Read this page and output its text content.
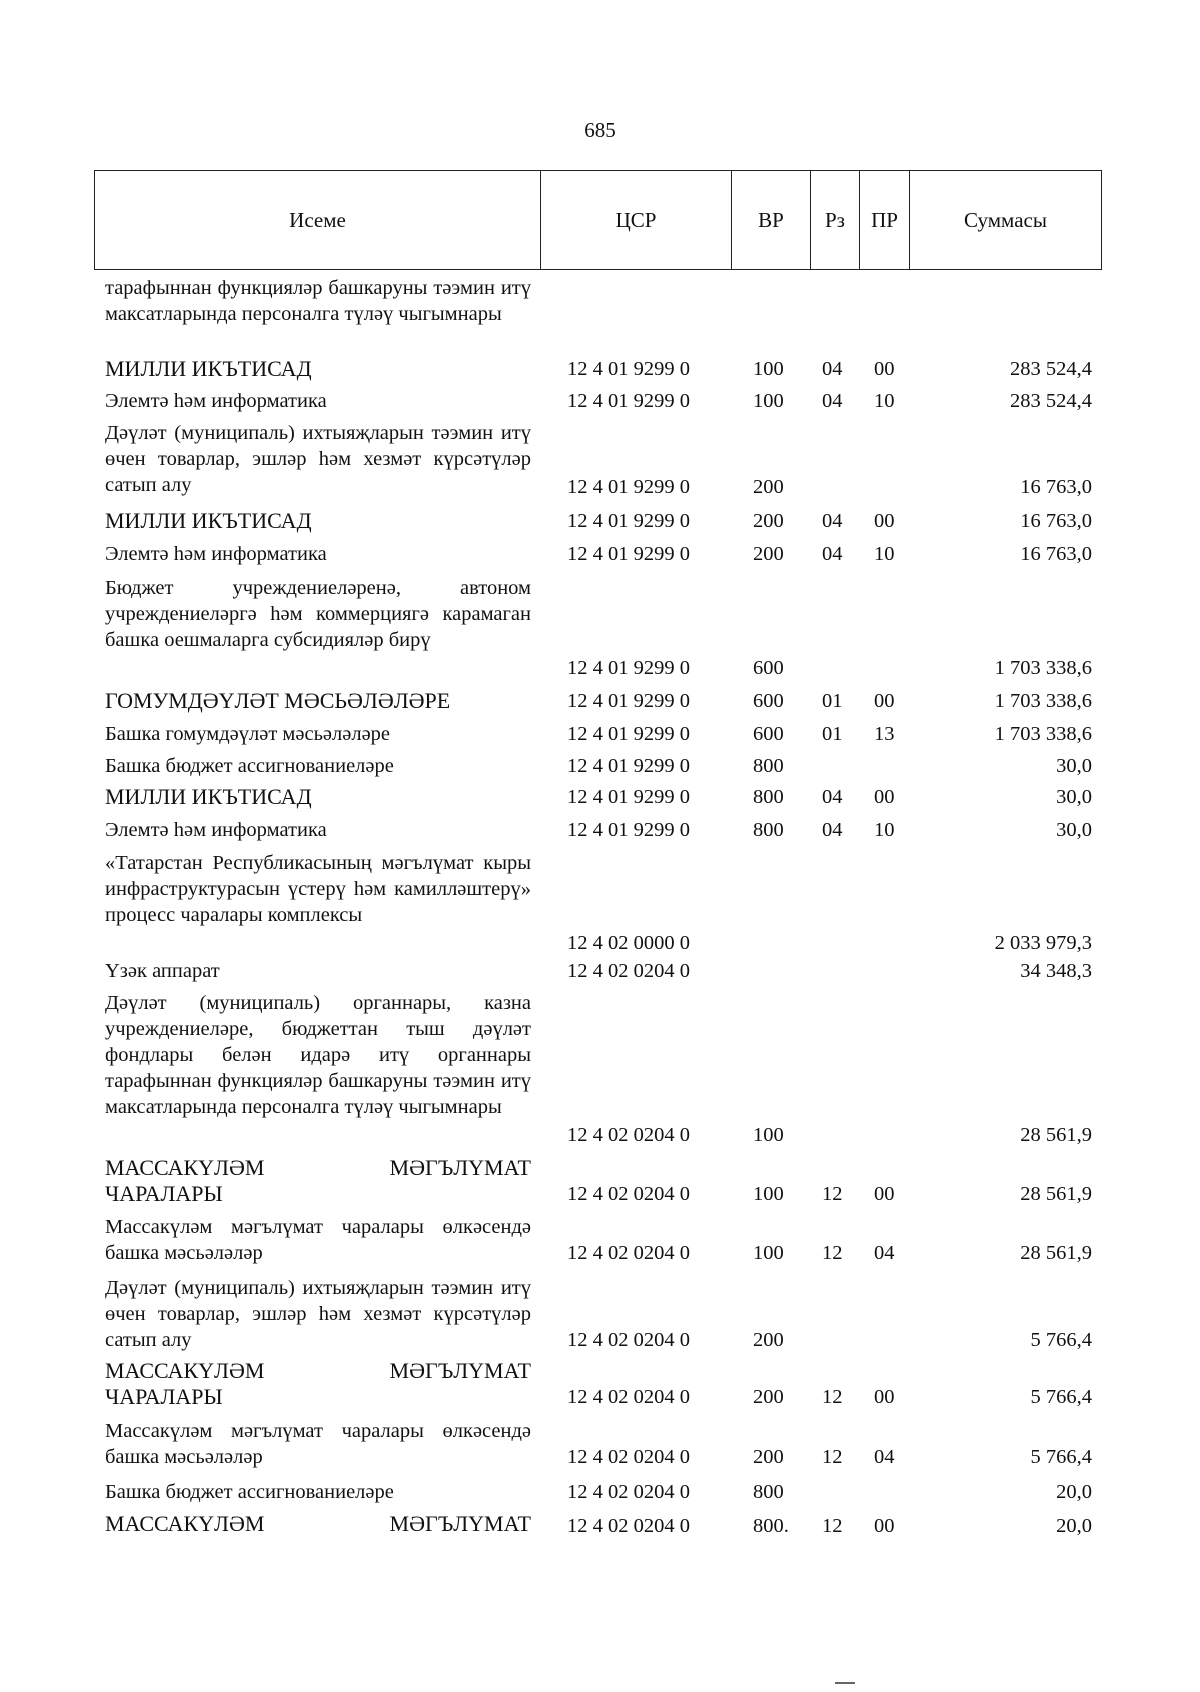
685
Исеме	ЦСР	ВР	Рз	ПР	Суммасы
тарафыннан функцияләр башкаруны тәэмин итү максатларында персоналга түләү чыгымнары
МИЛЛИ ИКЪТИСАД	12 4 01 9299 0	100 04 00	283 524,4
Элемтә һәм информатика	12 4 01 9299 0	100 04 10	283 524,4
Дәүләт (муниципаль) ихтыяҗларын тәэмин итү өчен товарлар, эшләр һәм хезмәт күрсәтүләр сатып алу	12 4 01 9299 0	200	16 763,0
МИЛЛИ ИКЪТИСАД	12 4 01 9299 0	200 04 00	16 763,0
Элемтә һәм информатика	12 4 01 9299 0	200 04 10	16 763,0
Бюджет учреждениеләренә, автоном учреждениеләргә һәм коммерциягә карамаган башка оешмаларга субсидияләр бирү
12 4 01 9299 0	600	1 703 338,6
ГОМУМДӘҮЛӘТ МӘСЬӘЛӘЛӘРЕ	12 4 01 9299 0	600 01 00	1 703 338,6
Башка гомумдәүләт мәсьәләләре	12 4 01 9299 0	600 01 13	1 703 338,6
Башка бюджет ассигнованиеләре	12 4 01 9299 0	800	30,0
МИЛЛИ ИКЪТИСАД	12 4 01 9299 0	800 04 00	30,0
Элемтә һәм информатика	12 4 01 9299 0	800 04 10	30,0
«Татарстан Республикасының мәгълүмат кыры инфраструктурасын үстерү һәм камилләштерү» процесс чаралары комплексы
12 4 02 0000 0	2 033 979,3
Үзәк аппарат	12 4 02 0204 0	34 348,3
Дәүләт (муниципаль) органнары, казна учреждениеләре, бюджеттан тыш дәүләт фондлары белән идарә итү органнары тарафыннан функцияләр башкаруны тәэмин итү максатларында персоналга түләү чыгымнары
12 4 02 0204 0	100	28 561,9
МАССАКҮЛӘМ МӘГЪЛҮМАТ ЧАРАЛАРЫ	12 4 02 0204 0	100 12 00	28 561,9
Массакүләм мәгълүмат чаралары өлкәсендә башка мәсьәләләр	12 4 02 0204 0	100 12 04	28 561,9
Дәүләт (муниципаль) ихтыяҗларын тәэмин итү өчен товарлар, эшләр һәм хезмәт күрсәтүләр сатып алу	12 4 02 0204 0	200	5 766,4
МАССАКҮЛӘМ МӘГЪЛҮМАТ ЧАРАЛАРЫ	12 4 02 0204 0	200 12 00	5 766,4
Массакүләм мәгълүмат чаралары өлкәсендә башка мәсьәләләр	12 4 02 0204 0	200 12 04	5 766,4
Башка бюджет ассигнованиеләре	12 4 02 0204 0	800	20,0
МАССАКҮЛӘМ МӘГЪЛҮМАТ 12 4 02 0204 0	800. 12 00	20,0
